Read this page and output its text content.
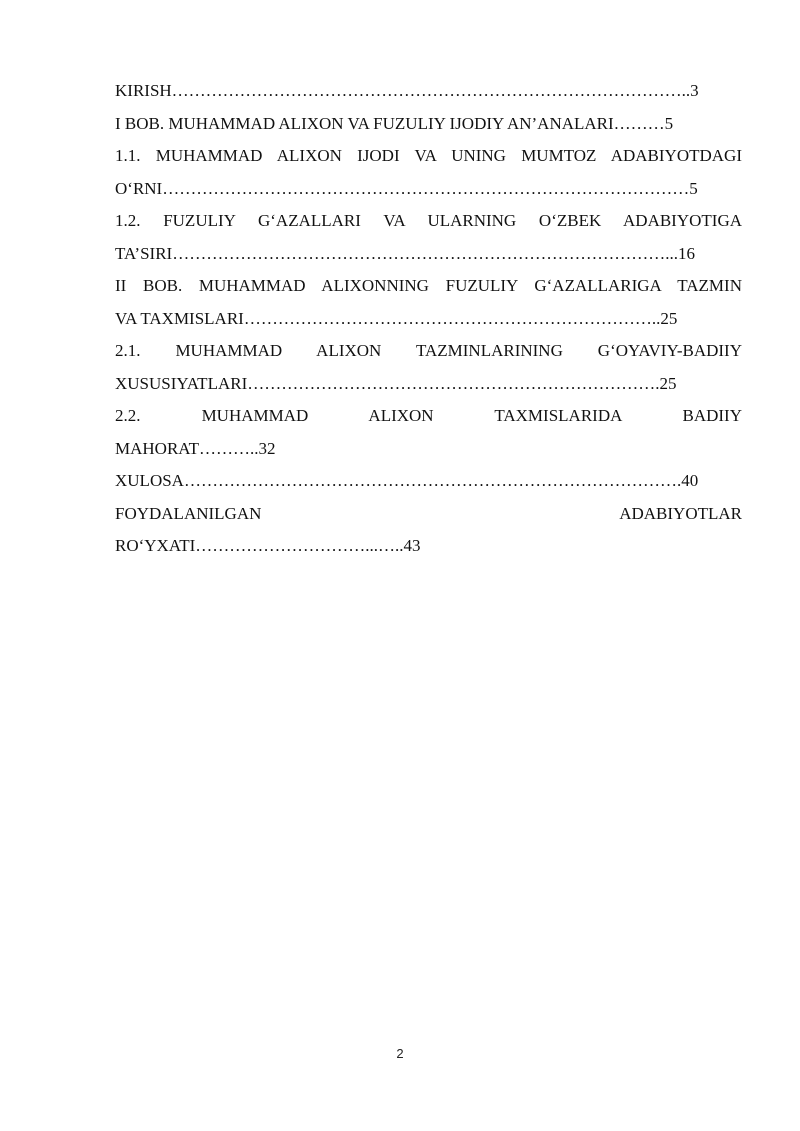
KIRISH………………………………………………………………………………..3
I BOB. MUHAMMAD ALIXON VA FUZULIY IJODIY AN’ANALARI………5
1.1. MUHAMMAD ALIXON IJODI VA UNING MUMTOZ ADABIYOTDAGI
O‘RNI…………………………………………………………………………………5
1.2. FUZULIY G‘AZALLARI VA ULARNING O‘ZBEK ADABIYOTIGA
TA’SIRI……………………………………………………………………………...16
II BOB. MUHAMMAD ALIXONNING FUZULIY G‘AZALLARIGA TAZMIN
VA TAXMISLARI………………………………………………………………..25
2.1. MUHAMMAD ALIXON TAZMINLARINING G‘OYAVIY-BADIIY
XUSUSIYATLARI……………………………………………………………….25
2.2. MUHAMMAD ALIXON TAXMISLARIDA BADIIY
MAHORAT………..32
XULOSA…………………………………………………………………………….40
FOYDALANILGAN ADABIYOTLAR
RO‘YXATI…………………………...…..43
2
